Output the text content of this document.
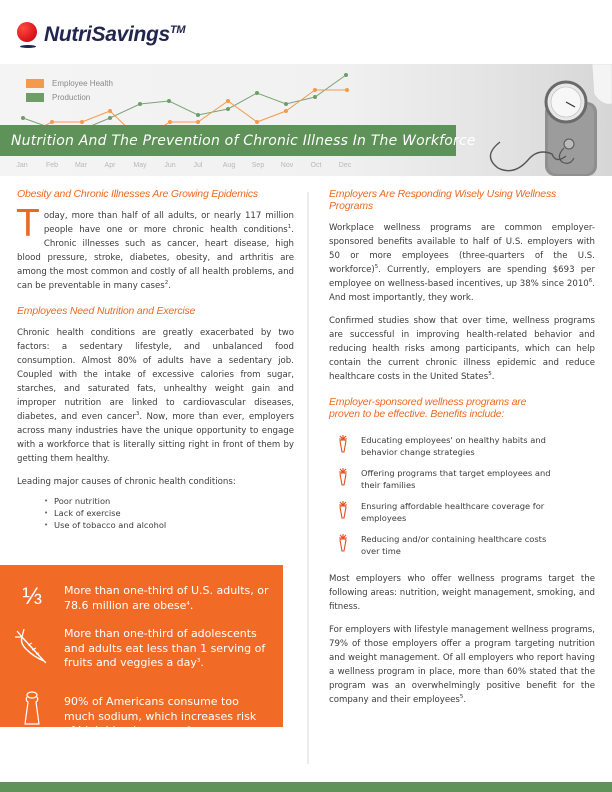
NutriSavings™
Employee Health
Production
Nutrition And The Prevention of Chronic Illness In The Workforce
Jan	Feb Mar	Apr	May	Jun	Jul	Aug Sep Nov Oct Dec
Obesity and Chronic Illnesses Are Growing Epidemics

Today, more than half of all adults, or nearly 117 million people have one or more chronic health conditions$^1$. Chronic illnesses such as cancer, heart disease, high blood pressure, stroke, diabetes, obesity, and arthritis are among the most common and costly of all health problems, and can be preventable in many cases$^2$.

Employees Need Nutrition and Exercise

Chronic health conditions are greatly exacerbated by two factors: a sedentary lifestyle, and unbalanced food consumption. Almost 80% of adults have a sedentary job. Coupled with the intake of excessive calories from sugar, starches, and saturated fats, unhealthy weight gain and improper nutrition are linked to cardiovascular diseases, diabetes, and even cancer$^3$. Now, more than ever, employers across many industries have the unique opportunity to engage with a workforce that is literally sitting right in front of them by getting them healthy.

Leading major causes of chronic health conditions:

• Poor nutrition
• Lack of exercise
• Use of tobacco and alcohol
⅓ More than one-third of U.S. adults, or 78.6 million are obese$^4$.
More than one-third of adolescents and adults eat less than 1 serving of fruits and veggies a day$^3$.
90% of Americans consume too much sodium, which increases risk of high blood pressure$^3$
Employers Are Responding Wisely Using Wellness Programs

Workplace wellness programs are common employer-sponsored benefits available to half of U.S. employers with 50 or more employees (three-quarters of the U.S. workforce)$^5$. Currently, employers are spending $693 per employee on wellness-based incentives, up 38% since 2010$^6$. And most importantly, they work.

Confirmed studies show that over time, wellness programs are successful in improving health-related behavior and reducing health risks among participants, which can help contain the current chronic illness epidemic and reduce healthcare costs in the United States$^5$.

Employer-sponsored wellness programs are proven to be effective. Benefits include:
Educating employees' on healthy habits and behavior change strategies
Offering programs that target employees and their families
Ensuring affordable healthcare coverage for employees
Reducing and/or containing healthcare costs over time

Most employers who offer wellness programs target the following areas: nutrition, weight management, smoking, and fitness.

For employers with lifestyle management wellness programs, 79% of those employers offer a program targeting nutrition and weight management. Of all employers who report having a wellness program in place, more than 60% stated that the program was an overwhelmingly positive benefit for the company and their employees$^5$.
